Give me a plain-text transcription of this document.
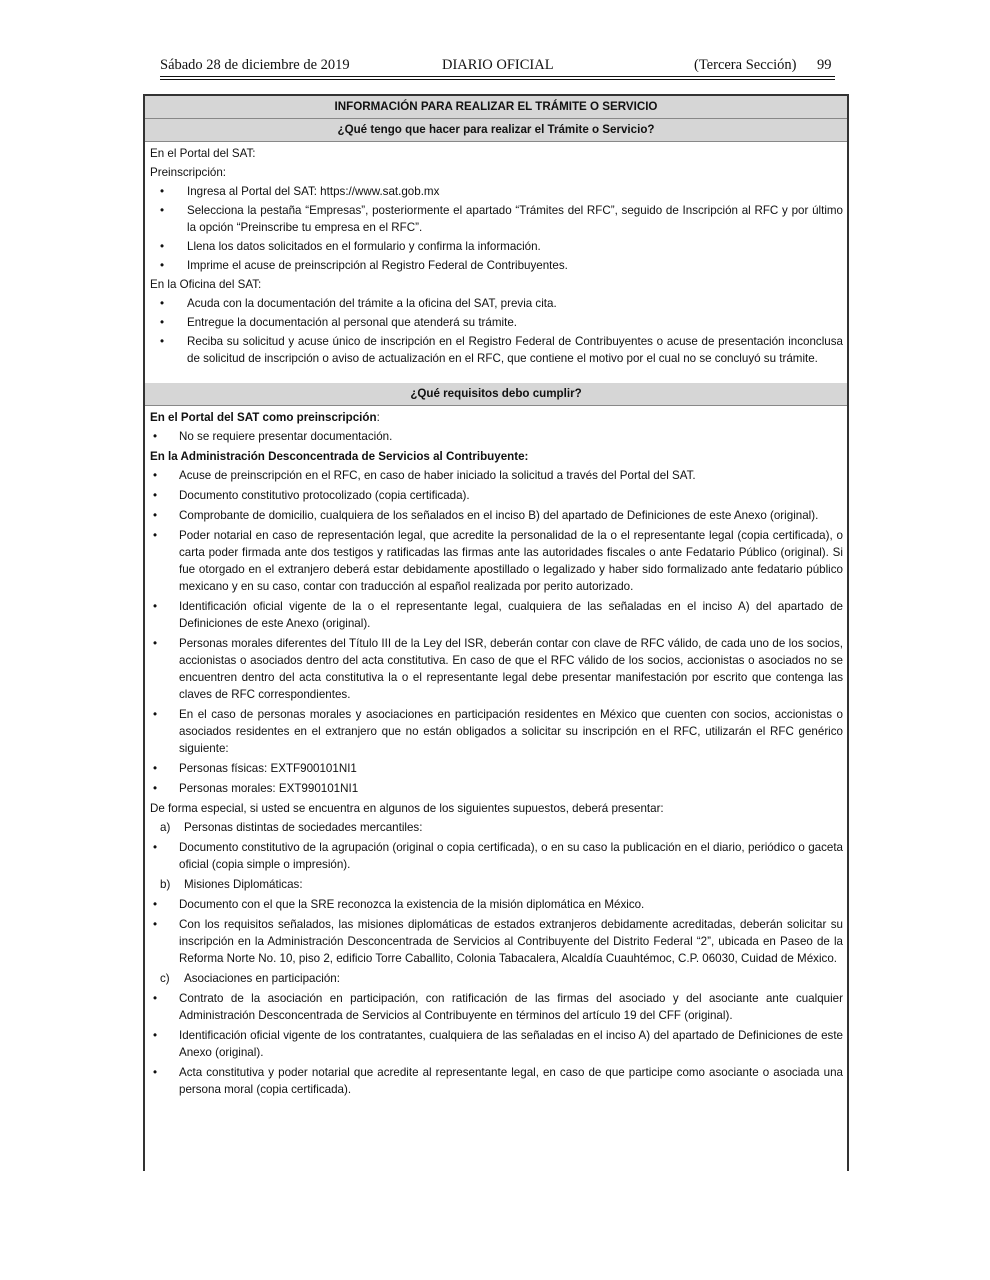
Sábado 28 de diciembre de 2019	DIARIO OFICIAL	(Tercera Sección) 99
INFORMACIÓN PARA REALIZAR EL TRÁMITE O SERVICIO
¿Qué tengo que hacer para realizar el Trámite o Servicio?

En el Portal del SAT:

Preinscripción:

• Ingresa al Portal del SAT: https://www.sat.gob.mx
• Selecciona la pestaña “Empresas”, posteriormente el apartado “Trámites del RFC”, seguido de Inscripción al RFC y por último la opción “Preinscribe tu empresa en el RFC”.
• Llena los datos solicitados en el formulario y confirma la información.
• Imprime el acuse de preinscripción al Registro Federal de Contribuyentes.

En la Oficina del SAT:

• Acuda con la documentación del trámite a la oficina del SAT, previa cita.
• Entregue la documentación al personal que atenderá su trámite.
• Reciba su solicitud y acuse único de inscripción en el Registro Federal de Contribuyentes o acuse de presentación inconclusa de solicitud de inscripción o aviso de actualización en el RFC, que contiene el motivo por el cual no se concluyó su trámite.
¿Qué requisitos debo cumplir?

En el Portal del SAT como preinscripción:

• No se requiere presentar documentación.

En la Administración Desconcentrada de Servicios al Contribuyente:

• Acuse de preinscripción en el RFC, en caso de haber iniciado la solicitud a través del Portal del SAT.
• Documento constitutivo protocolizado (copia certificada).
• Comprobante de domicilio, cualquiera de los señalados en el inciso B) del apartado de Definiciones de este Anexo (original).
• Poder notarial en caso de representación legal, que acredite la personalidad de la o el representante legal (copia certificada), o carta poder firmada ante dos testigos y ratificadas las firmas ante las autoridades fiscales o ante Fedatario Público (original). Si fue otorgado en el extranjero deberá estar debidamente apostillado o legalizado y haber sido formalizado ante fedatario público mexicano y en su caso, contar con traducción al español realizada por perito autorizado.
• Identificación oficial vigente de la o el representante legal, cualquiera de las señaladas en el inciso A) del apartado de Definiciones de este Anexo (original).
• Personas morales diferentes del Título III de la Ley del ISR, deberán contar con clave de RFC válido, de cada uno de los socios, accionistas o asociados dentro del acta constitutiva. En caso de que el RFC válido de los socios, accionistas o asociados no se encuentren dentro del acta constitutiva la o el representante legal debe presentar manifestación por escrito que contenga las claves de RFC correspondientes.
• En el caso de personas morales y asociaciones en participación residentes en México que cuenten con socios, accionistas o asociados residentes en el extranjero que no están obligados a solicitar su inscripción en el RFC, utilizarán el RFC genérico siguiente:
• Personas físicas: EXTF900101NI1
• Personas morales: EXT990101NI1

De forma especial, si usted se encuentra en algunos de los siguientes supuestos, deberá presentar:

a) Personas distintas de sociedades mercantiles:
• Documento constitutivo de la agrupación (original o copia certificada), o en su caso la publicación en el diario, periódico o gaceta oficial (copia simple o impresión).
b) Misiones Diplomáticas:
• Documento con el que la SRE reconozca la existencia de la misión diplomática en México.
• Con los requisitos señalados, las misiones diplomáticas de estados extranjeros debidamente acreditadas, deberán solicitar su inscripción en la Administración Desconcentrada de Servicios al Contribuyente del Distrito Federal “2”, ubicada en Paseo de la Reforma Norte No. 10, piso 2, edificio Torre Caballito, Colonia Tabacalera, Alcaldía Cuauhtémoc, C.P. 06030, Cuidad de México.
c) Asociaciones en participación:
• Contrato de la asociación en participación, con ratificación de las firmas del asociado y del asociante ante cualquier Administración Desconcentrada de Servicios al Contribuyente en términos del artículo 19 del CFF (original).
• Identificación oficial vigente de los contratantes, cualquiera de las señaladas en el inciso A) del apartado de Definiciones de este Anexo (original).
• Acta constitutiva y poder notarial que acredite al representante legal, en caso de que participe como asociante o asociada una persona moral (copia certificada).
